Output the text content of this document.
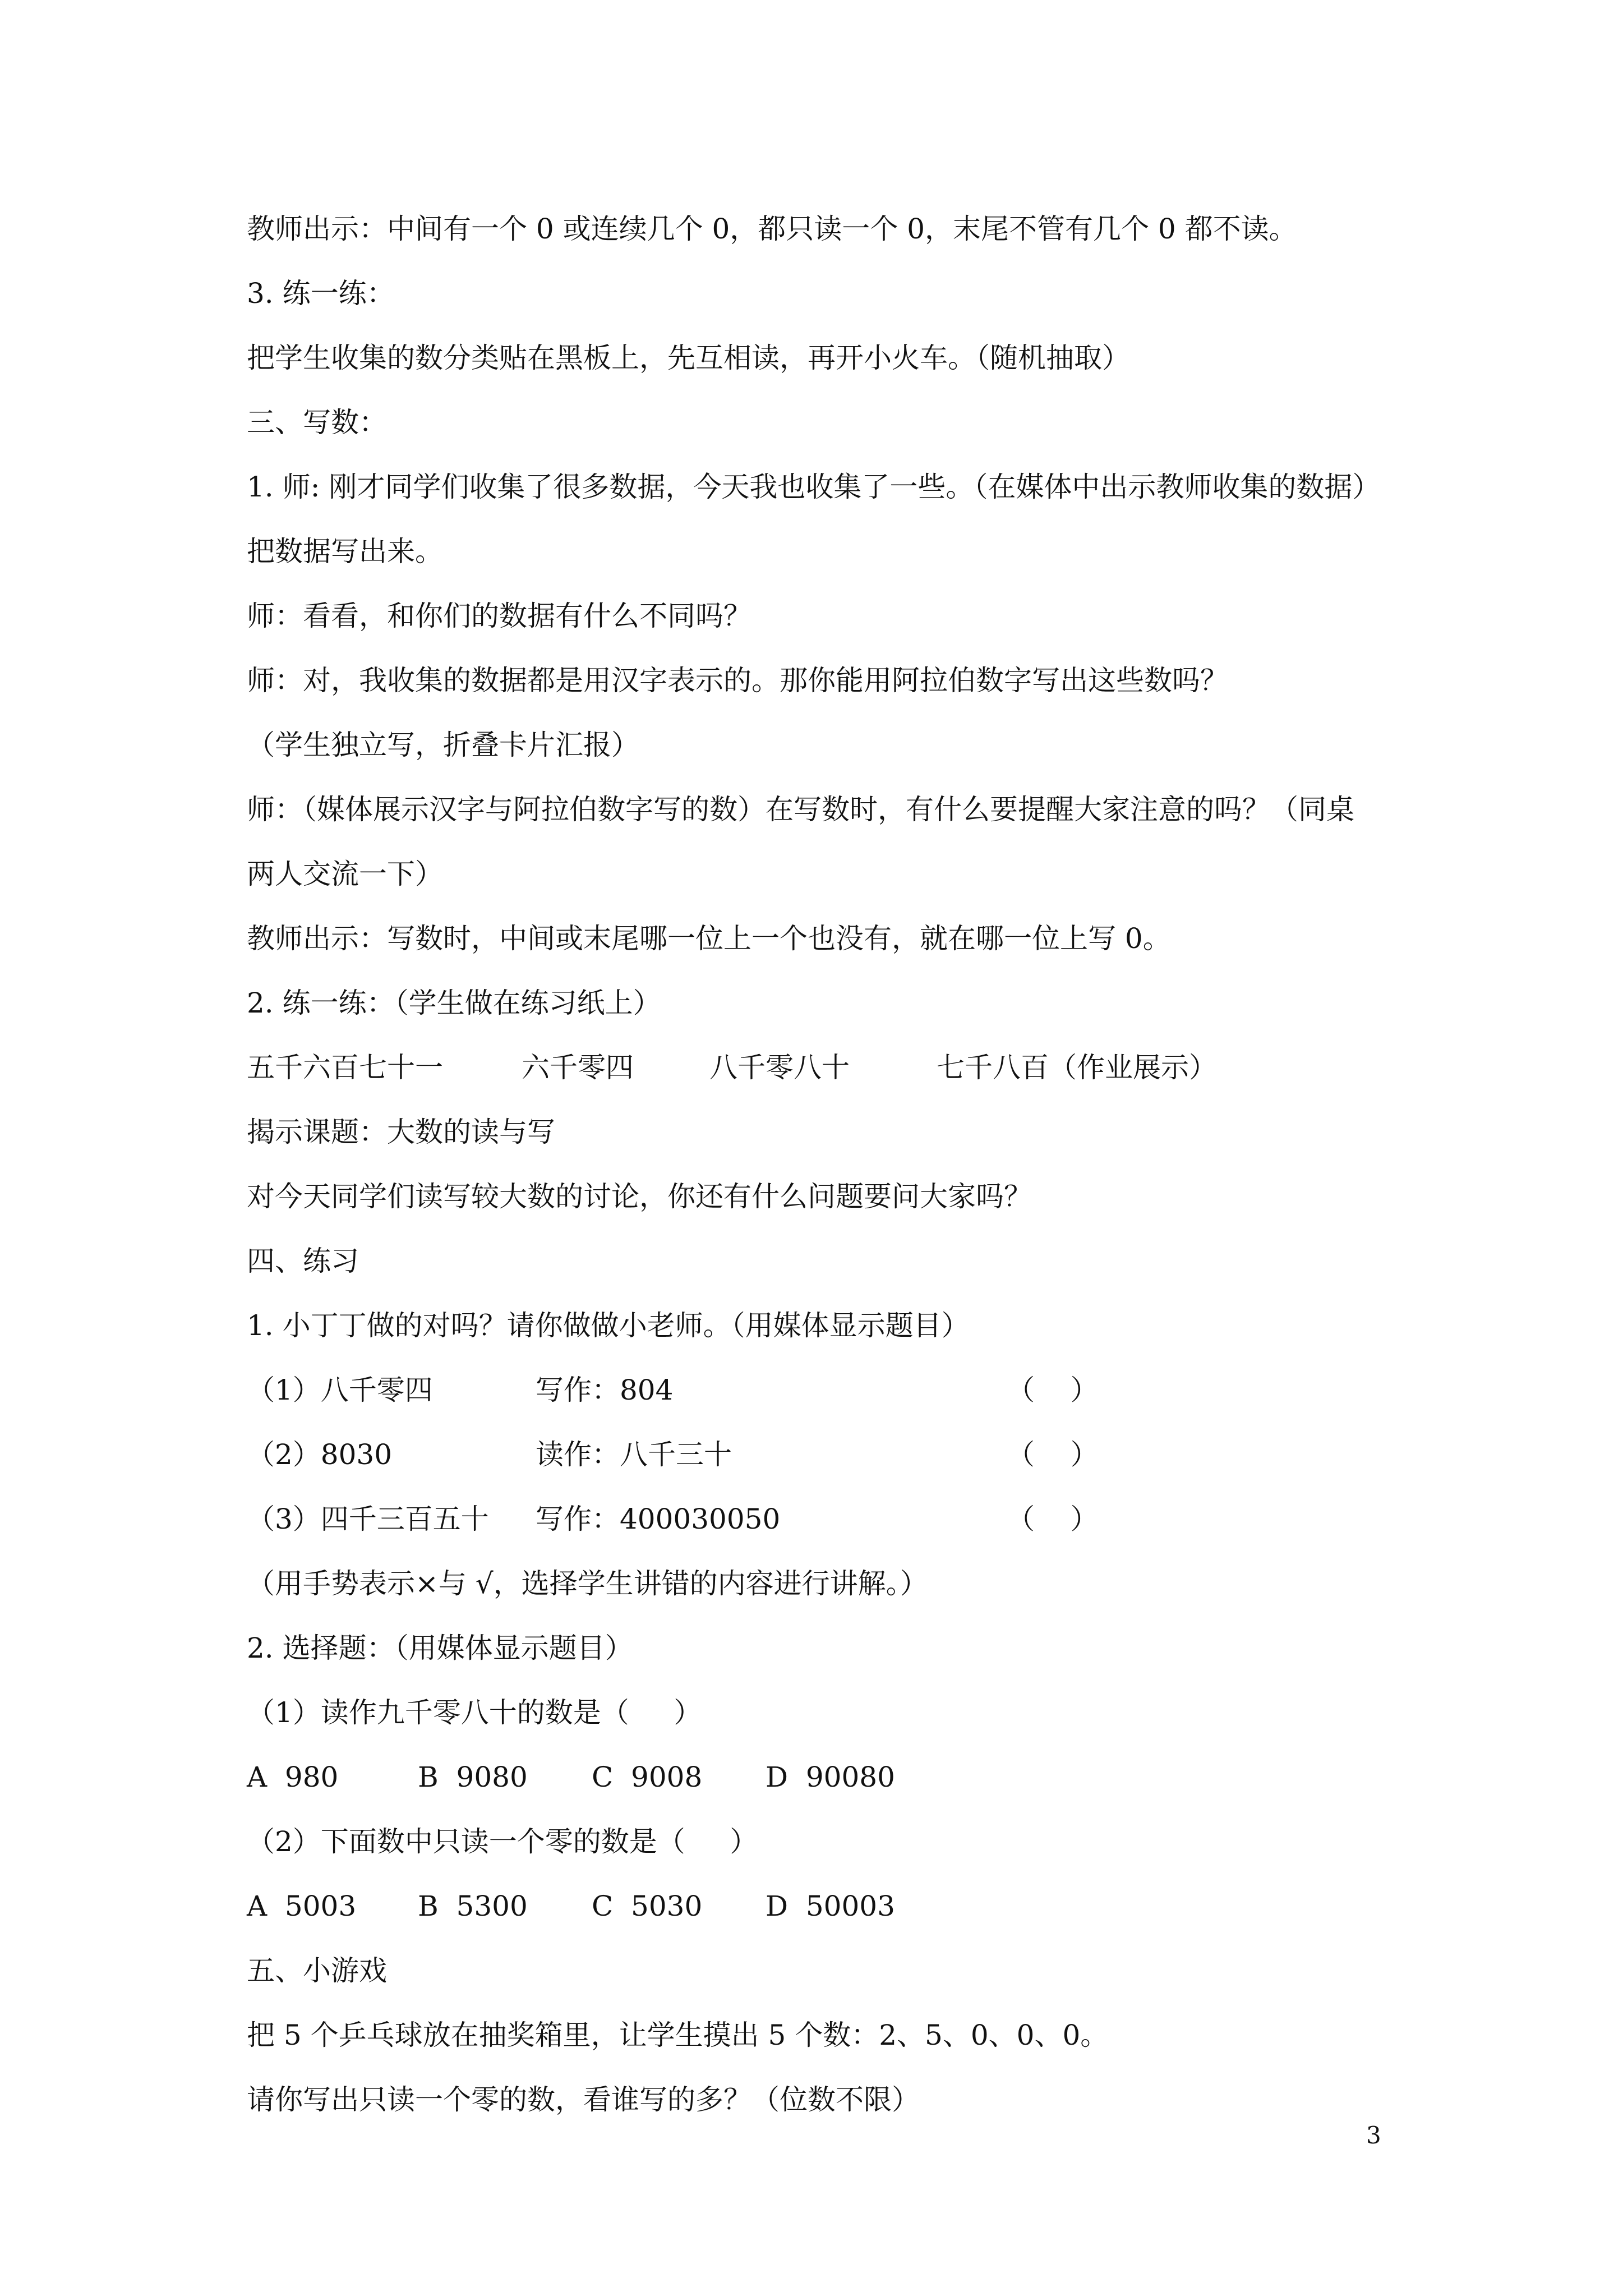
教师出示：中间有一个 0 或连续几个 0，都只读一个 0，末尾不管有几个 0 都不读。
3. 练一练：
把学生收集的数分类贴在黑板上，先互相读，再开小火车。（随机抽取）
三、写数：
1. 师: 刚才同学们收集了很多数据，今天我也收集了一些。（在媒体中出示教师收集的数据）
把数据写出来。
师：看看，和你们的数据有什么不同吗？
师：对，我收集的数据都是用汉字表示的。那你能用阿拉伯数字写出这些数吗？
（学生独立写，折叠卡片汇报）
师：（媒体展示汉字与阿拉伯数字写的数）在写数时，有什么要提醒大家注意的吗？（同桌
两人交流一下）
教师出示：写数时，中间或末尾哪一位上一个也没有，就在哪一位上写 0。
2. 练一练：（学生做在练习纸上）
五千六百七十一	六千零四	八千零八十	七千八百（作业展示）
揭示课题：大数的读与写
对今天同学们读写较大数的讨论，你还有什么问题要问大家吗？
四、练习
1. 小丁丁做的对吗？请你做做小老师。（用媒体显示题目）
（1）八千零四	写作：804	（    ）
（2）8030	读作：八千三十	（    ）
（3）四千三百五十 写作：400030050	（    ）
（用手势表示×与 √，选择学生讲错的内容进行讲解。）
2. 选择题：（用媒体显示题目）
（1）读作九千零八十的数是（     ）
A  980	B  9080 C  9008 D  90080
（2）下面数中只读一个零的数是（     ）
A  5003 B  5300 C  5030 D  50003
五、小游戏
把 5 个乒乓球放在抽奖箱里，让学生摸出 5 个数：2、5、0、0、0。
请你写出只读一个零的数，看谁写的多？（位数不限）
3
